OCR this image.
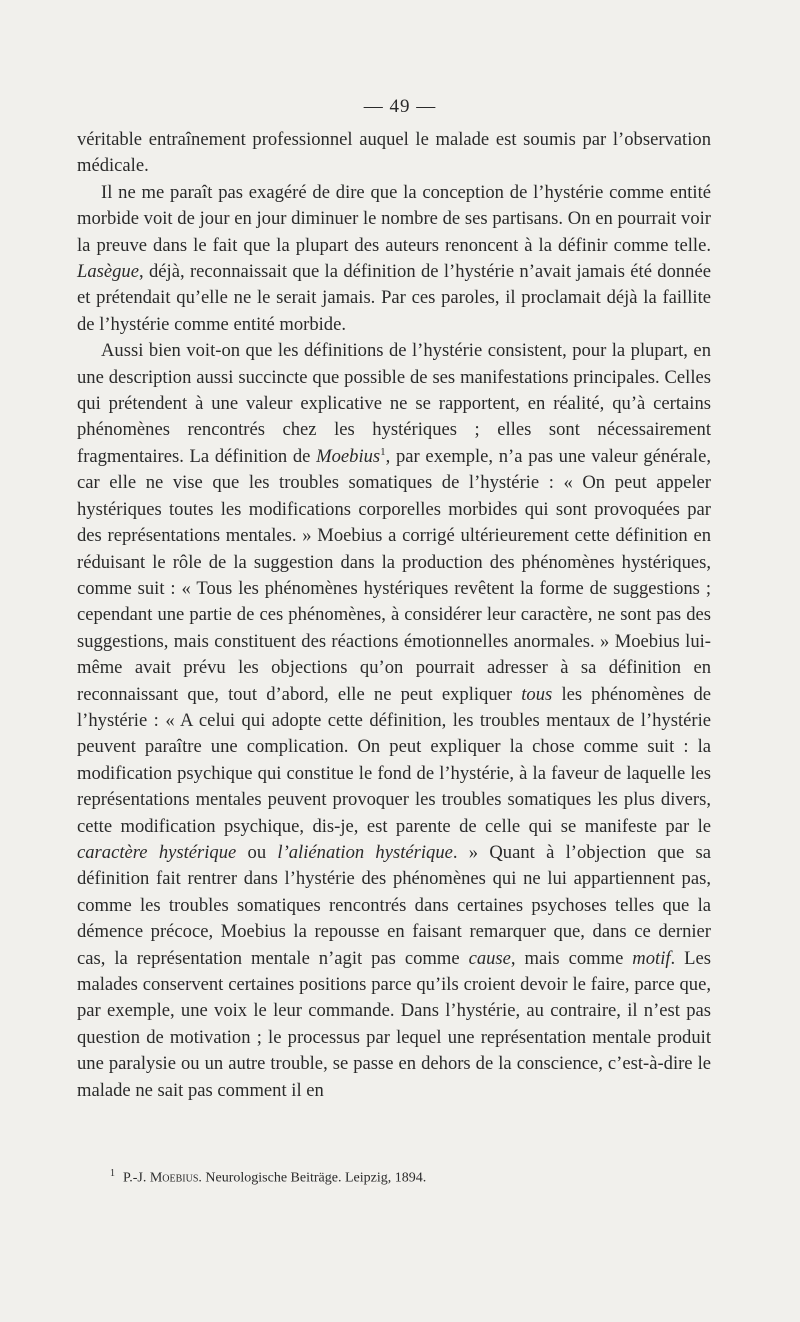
— 49 —

véritable entraînement professionnel auquel le malade est soumis par l’observation médicale.

Il ne me paraît pas exagéré de dire que la conception de l’hystérie comme entité morbide voit de jour en jour diminuer le nombre de ses partisans. On en pourrait voir la preuve dans le fait que la plupart des auteurs renoncent à la définir comme telle. Lasègue, déjà, reconnaissait que la définition de l’hystérie n’avait jamais été donnée et prétendait qu’elle ne le serait jamais. Par ces paroles, il proclamait déjà la faillite de l’hystérie comme entité morbide.

Aussi bien voit-on que les définitions de l’hystérie consistent, pour la plupart, en une description aussi succincte que possible de ses manifestations principales. Celles qui prétendent à une valeur explicative ne se rapportent, en réalité, qu’à certains phénomènes rencontrés chez les hystériques ; elles sont nécessairement fragmentaires. La définition de Moebius$^1$, par exemple, n’a pas une valeur générale, car elle ne vise que les troubles somatiques de l’hystérie : « On peut appeler hystériques toutes les modifications corporelles morbides qui sont provoquées par des représentations mentales. » Moebius a corrigé ultérieurement cette définition en réduisant le rôle de la suggestion dans la production des phénomènes hystériques, comme suit : « Tous les phénomènes hystériques revêtent la forme de suggestions ; cependant une partie de ces phénomènes, à considérer leur caractère, ne sont pas des suggestions, mais constituent des réactions émotionnelles anormales. » Moebius lui-même avait prévu les objections qu’on pourrait adresser à sa définition en reconnaissant que, tout d’abord, elle ne peut expliquer tous les phénomènes de l’hystérie : « A celui qui adopte cette définition, les troubles mentaux de l’hystérie peuvent paraître une complication. On peut expliquer la chose comme suit : la modification psychique qui constitue le fond de l’hystérie, à la faveur de laquelle les représentations mentales peuvent provoquer les troubles somatiques les plus divers, cette modification psychique, dis-je, est parente de celle qui se manifeste par le caractère hystérique ou l’aliénation hystérique. » Quant à l’objection que sa définition fait rentrer dans l’hystérie des phénomènes qui ne lui appartiennent pas, comme les troubles somatiques rencontrés dans certaines psychoses telles que la démence précoce, Moebius la repousse en faisant remarquer que, dans ce dernier cas, la représentation mentale n’agit pas comme cause, mais comme motif. Les malades conservent certaines positions parce qu’ils croient devoir le faire, parce que, par exemple, une voix le leur commande. Dans l’hystérie, au contraire, il n’est pas question de motivation ; le processus par lequel une représentation mentale produit une paralysie ou un autre trouble, se passe en dehors de la conscience, c’est-à-dire le malade ne sait pas comment il en

$^1$ P.-J. Moebius. Neurologische Beiträge. Leipzig, 1894.
